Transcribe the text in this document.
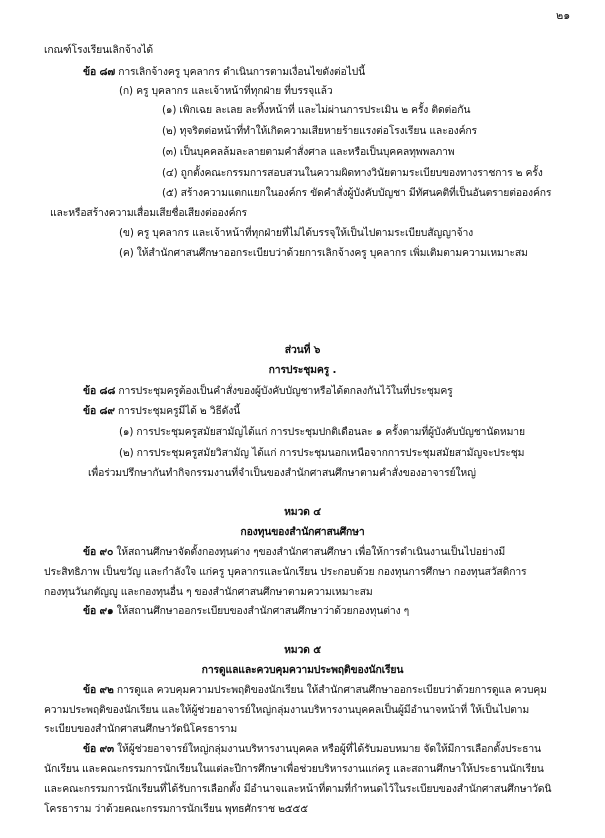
๒๑
เกณฑ์โรงเรียนเลิกจ้างได้
ข้อ ๘๗ การเลิกจ้างครู บุคลากร ดำเนินการตามเงื่อนไขดังต่อไปนี้
(ก) ครู บุคลากร และเจ้าหน้าที่ทุกฝ่าย ที่บรรจุแล้ว
(๑) เพิกเฉย ละเลย ละทิ้งหน้าที่ และไม่ผ่านการประเมิน ๒ ครั้ง ติดต่อกัน
(๒) ทุจริตต่อหน้าที่ทำให้เกิดความเสียหายร้ายแรงต่อโรงเรียน และองค์กร
(๓) เป็นบุคคลล้มละลายตามคำสั่งศาล และหรือเป็นบุคคลทุพพลภาพ
(๔) ถูกตั้งคณะกรรมการสอบสวนในความผิดทางวินัยตามระเบียบของทางราชการ ๒ ครั้ง
(๕) สร้างความแตกแยกในองค์กร ขัดคำสั่งผู้บังคับบัญชา มีทัศนคติที่เป็นอันตรายต่อองค์กร
และหรือสร้างความเสื่อมเสียชื่อเสียงต่อองค์กร
(ข) ครู บุคลากร และเจ้าหน้าที่ทุกฝ่ายที่ไม่ได้บรรจุให้เป็นไปตามระเบียบสัญญาจ้าง
(ค) ให้สำนักศาสนศึกษาออกระเบียบว่าด้วยการเลิกจ้างครู บุคลากร เพิ่มเติมตามความเหมาะสม
ส่วนที่ ๖
การประชุมครู .
ข้อ ๘๘ การประชุมครูต้องเป็นคำสั่งของผู้บังคับบัญชาหรือได้ตกลงกันไว้ในที่ประชุมครู
ข้อ ๘๙ การประชุมครูมีได้ ๒ วิธีดังนี้
(๑) การประชุมครูสมัยสามัญได้แก่ การประชุมปกติเดือนละ ๑ ครั้งตามที่ผู้บังคับบัญชานัดหมาย
(๒) การประชุมครูสมัยวิสามัญ ได้แก่ การประชุมนอกเหนือจากการประชุมสมัยสามัญจะประชุม
เพื่อร่วมปรึกษากันทำกิจกรรมงานที่จำเป็นของสำนักศาสนศึกษาตามคำสั่งของอาจารย์ใหญ่
หมวด ๔
กองทุนของสำนักศาสนศึกษา
ข้อ ๙๐ ให้สถานศึกษาจัดตั้งกองทุนต่าง ๆของสำนักศาสนศึกษา เพื่อให้การดำเนินงานเป็นไปอย่างมี
ประสิทธิภาพ เป็นขวัญ และกำลังใจ แก่ครู บุคลากรและนักเรียน ประกอบด้วย กองทุนการศึกษา กองทุนสวัสดิการ
กองทุนวันกตัญญู และกองทุนอื่น ๆ ของสำนักศาสนศึกษาตามความเหมาะสม
ข้อ ๙๑ ให้สถานศึกษาออกระเบียบของสำนักศาสนศึกษาว่าด้วยกองทุนต่าง ๆ
หมวด ๕
การดูแลและควบคุมความประพฤติของนักเรียน
ข้อ ๙๒ การดูแล ควบคุมความประพฤติของนักเรียน ให้สำนักศาสนศึกษาออกระเบียบว่าด้วยการดูแล ควบคุม
ความประพฤติของนักเรียน และให้ผู้ช่วยอาจารย์ใหญ่กลุ่มงานบริหารงานบุคคลเป็นผู้มีอำนาจหน้าที่ ให้เป็นไปตาม
ระเบียบของสำนักศาสนศึกษาวัดนิโครธาราม
ข้อ ๙๓ ให้ผู้ช่วยอาจารย์ใหญ่กลุ่มงานบริหารงานบุคคล หรือผู้ที่ได้รับมอบหมาย จัดให้มีการเลือกตั้งประธาน
นักเรียน และคณะกรรมการนักเรียนในแต่ละปีการศึกษาเพื่อช่วยบริหารงานแก่ครู และสถานศึกษาให้ประธานนักเรียน
และคณะกรรมการนักเรียนที่ได้รับการเลือกตั้ง มีอำนาจและหน้าที่ตามที่กำหนดไว้ในระเบียบของสำนักศาสนศึกษาวัดนิ
โครธาราม ว่าด้วยคณะกรรมการนักเรียน พุทธศักราช ๒๕๕๕
